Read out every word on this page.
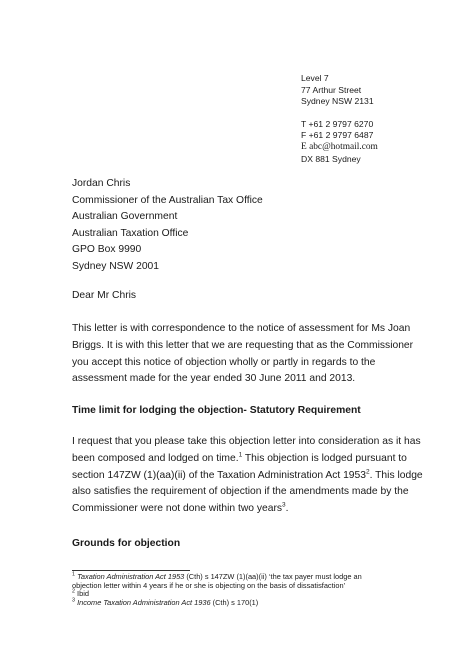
Level 7
77 Arthur Street
Sydney NSW 2131
T +61 2 9797 6270
F +61 2 9797 6487
E abc@hotmail.com
DX 881 Sydney
Jordan Chris
Commissioner of the Australian Tax Office
Australian Government
Australian Taxation Office
GPO Box 9990
Sydney NSW 2001
Dear Mr Chris
This letter is with correspondence to the notice of assessment for Ms Joan
Briggs. It is with this letter that we are requesting that as the Commissioner
you accept this notice of objection wholly or partly in regards to the
assessment made for the year ended 30 June 2011 and 2013.
Time limit for lodging the objection- Statutory Requirement
I request that you please take this objection letter into consideration as it has
been composed and lodged on time.$^1$ This objection is lodged pursuant to
section 147ZW (1)(aa)(ii) of the Taxation Administration Act 1953$^2$. This lodge
also satisfies the requirement of objection if the amendments made by the
Commissioner were not done within two years$^3$.
Grounds for objection
$^1$ Taxation Administration Act 1953 (Cth) s 147ZW (1)(aa)(ii) ‘the tax payer must lodge an
objection letter within 4 years if he or she is objecting on the basis of dissatisfaction’
$^2$ Ibid
$^3$ Income Taxation Administration Act 1936 (Cth) s 170(1)
